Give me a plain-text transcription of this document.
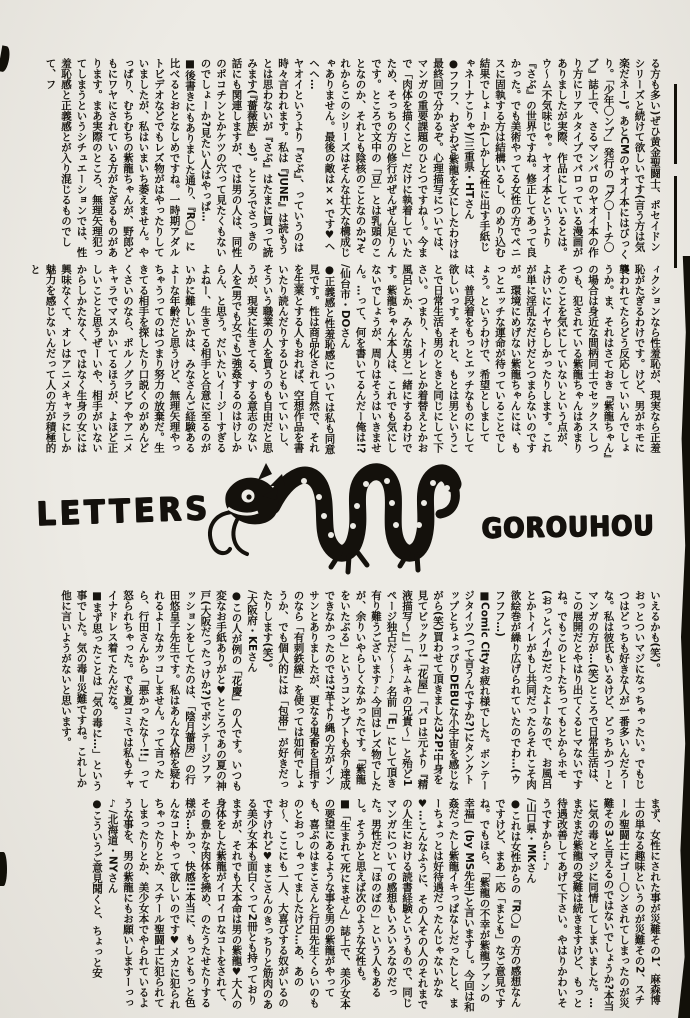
る方も多い)ぜひ黄金聖闘士、ポセイドンシリーズと続けて欲しいです(言う方は気楽だネー)。あとCMのヤオイ本にはびっくり。「少年〇ンプ」発行の『グ〇ートチ〇ブ』誌上で、さるマンパロのヤオイ本の作り方にリアルタイプでパロっている漫画がありましたが実際、作品にしているとは。ウ〜ム不気味じゃ。ヤオイ本というより『さぶ』の世界ですね。修正してあって良かった。でも美術やってる女性の方でペニスに固執する方は結構いるし、のめり込む結果でしょーか(しかし女性に出す手紙じゃネーナこりゃ)/三重県・HTさん

●フフフ、わざわざ紫龍を女にしたわけは最終回で分かるぞ。心理描写については、マンガの重要課題のひとつですね〜。今まで「肉体を描くこと」だけに執着していたため、そっちの方の修行がぜんぜん足りんです。ところで文中の「豆」とは乳頭のことなのか、それとも陰核のことなのか?それからこのシリーズはそんな壮大な構成じゃありません。最後の敵は××です♥ヘヘヘ…

ヤオイというより『さぶ』、っていうのは時々言われます。私は『JUNE』は読もうとは思わないが『さぶ』はたまに買って読みます(『薔薇族』も)。ところでさっきの話にも関連しますが、では男の人は、同性のポコチンとかケツの穴って見たくもないのでしょーか?見たい人はやっぱ…

■後書きにもありました通り、『R〇』に比べるとおとなしめですね。一時期アダルトビデオなどでもレズ物がはやったりしていましたが、私はいまいち萎えません。やっぱり、むちむちの紫龍ちゃんが、野郎どもにワヤにされている方がたぎるものがあります。まあ実際のところ、無理矢理犯ってしまうというシチュエーションでは、性羞恥感と正義感とが入り混じるものでして、フ

ィクションなら性羞恥が、現実なら正羞恥がたぎるわけです。けど、男がホモに襲われてたらどう反応していいんでしょうか。ま、それはさておき『紫龍ちゃん』の場合は身近な間柄同士でセックスしつつも、犯されている紫龍ちゃんはあまりそのことを気にしていないという点が、よけいにイヤらしかったりします。これが単に淫乱なだけだとつまらないのですが。環境にめげない紫龍ちゃんには、もっとエッチな運命が待っていることでしょう。というわけで、希望としましては、普段着をもっとエッチなものにして欲しいっす。それと、もとは男ということで日常生活も男のときと同じにして下さい。つまり、トイレとか着替えとかお風呂とか、みんな男と一緒にするわけです。紫龍ちゃん本人は、これでも気にしないでしょうが、周りはそうはいきません。…って、何を書いてるんだー俺は!?

/仙台市・DOさん

●正義感と性羞恥感については私も同意見です。性は商品化されて自然で、それを生業とする人もおれば、空想作品を書いたり読んだりするひともいていいし、そういう職業の人を買うのも自由だと思うが、現実に生きてる、する意志のない人を(男でも女でも)強姦するのはけしからん、と思う。だいたいイージーすぎるよねー、生きてる相手と合意に至るのがいかに難しいかは、みなさんご経験あるよーな年齢だと思うけど、無理矢理やっちゃうってのはつまり努力の放棄だ。生きてる相手を探したり口説くのがめんどくさいのなら、ポルノグラビアやアニメキャラでマスかいてるほうが、よほど正しいことと思うぜーいや、相手がいないからしかたなく、ではなく生身の女には興味なくて、オレはアニメキャラにしか魅力を感じないんだって人の方が積極的と

LETTERS	GOROUHOU

いえるかも(笑)。

おっとついマジになっちゃったい。でもじつはどっちも好きな人が一番多いんだろーな。私は彼氏もいるけど、どっちかつーとマンガの方が…(笑)ところで日常生活は、この展開だとやはり出てくるヒマないですね。でもこのヒトたちってもとからホモ(おっとバイか)だったよーなので、お風呂とかトイレがもし共同だったらそれこそ肉欲絵巻が繰り広げられていたのでわ…(ウフフフ…)

■Comic Cityお疲れ様でした。ボンテージタイツ(って言うんですか?)にタンクトップとちょっぴりDEBUな小宇宙を感じながら(笑)買わせて頂きました32P!中身を見てビックリ!「花屋」「パロは元より『精液描写〜』」「ムキムキの兄貴〜」と殆ど1ページ独占だ〜〜♪名前「E」にして頂き有り難うございます♪今回はレズ物でしたが、余りいやらしくなかったです。「紫龍をいたぶる」というコンセプトも余り達成できなかったのでは?革より縄の方がインサンとありましたが、更なる鬼畜を目指すのなら「有刺鉄線」を使っては如何でしょうか、でも個人的には「包帯」が好きだったりします(笑)。

/大阪府・KEさん

●この人が例の「花慶」の人です。いつも変なお手紙ありがと♥ところであの夏の神戸(大阪だったっけか?)でボンテージファッションをしてたのは、「陰月薔房」の行田悠皇子先生です。私はあんな人格を疑われるよーなカッコしません。って言ったら、行田さんから「悪かったな〜!!」って怒られちゃった。でも夏コミでは私もチャイナドレス着てたんだな。

■まず思ったことは「気の毒に…」という事でした。気の毒=災難ですね。これしか他に言いようがないと思います。

まず、女性にされた事が災難その1、麻森博士の単なる趣味というのが災難その2、スチール聖闘士にゴー〇ンされてしまったのが災難その3と言えるのではないでしょうか?本当に気の毒とマジに同情してしまいました。…まだまだ紫龍の受難は続きますけど、もっと待遇改善してあげて下さい。やはりかわいそうですから…♪

/山口県・MKさん

●これは女性からの『R〇』の方の感想なんですけど、まあ一応「まとも」なご意見ですね。でもほら、「紫龍の不幸が紫龍ファンの幸福」(by MS先生)と言いますし。今回は和姦だったし紫龍イキっぱなしだったしと、まーちょっとは好待遇だったんじゃないかな♥…こんなふうに、その人その人のそれまでの人生における読書経験というもので、同じマンガについての感想もいろいろなのだった。男性だと「ほのぼの」という人もあるし。そうかと思えば次のような女性も。

■「生まれて死にません」誌上で、美少女本の要望にあるような事を男の紫龍がやっても、喜ぶのはまこさんと行田先生くらいのものとおっしゃってましたけど…あ、あのお〜、ここにも一人、大喜びする奴がいるのですけれど♥まこさんのきっちりと筋肉のある美少女本も面白くって2冊とも持っておりますが、それでも大本命は男の紫龍♥大人の身体をした紫龍がイロイロなコトをされて、その豊かな肉体を撓め、のたうたせたりする様が…かっ、快感!!本当に、もっともっと色んなコトやって欲しいのです♥メカに犯られちゃったりとか、スチール聖闘士に犯られてしまったりとか、美少女本でやられているような事を、男の紫龍にもお願いしますーっっ♪/北海道・NYさん

●こういうご意見聞くと、ちょっと安
